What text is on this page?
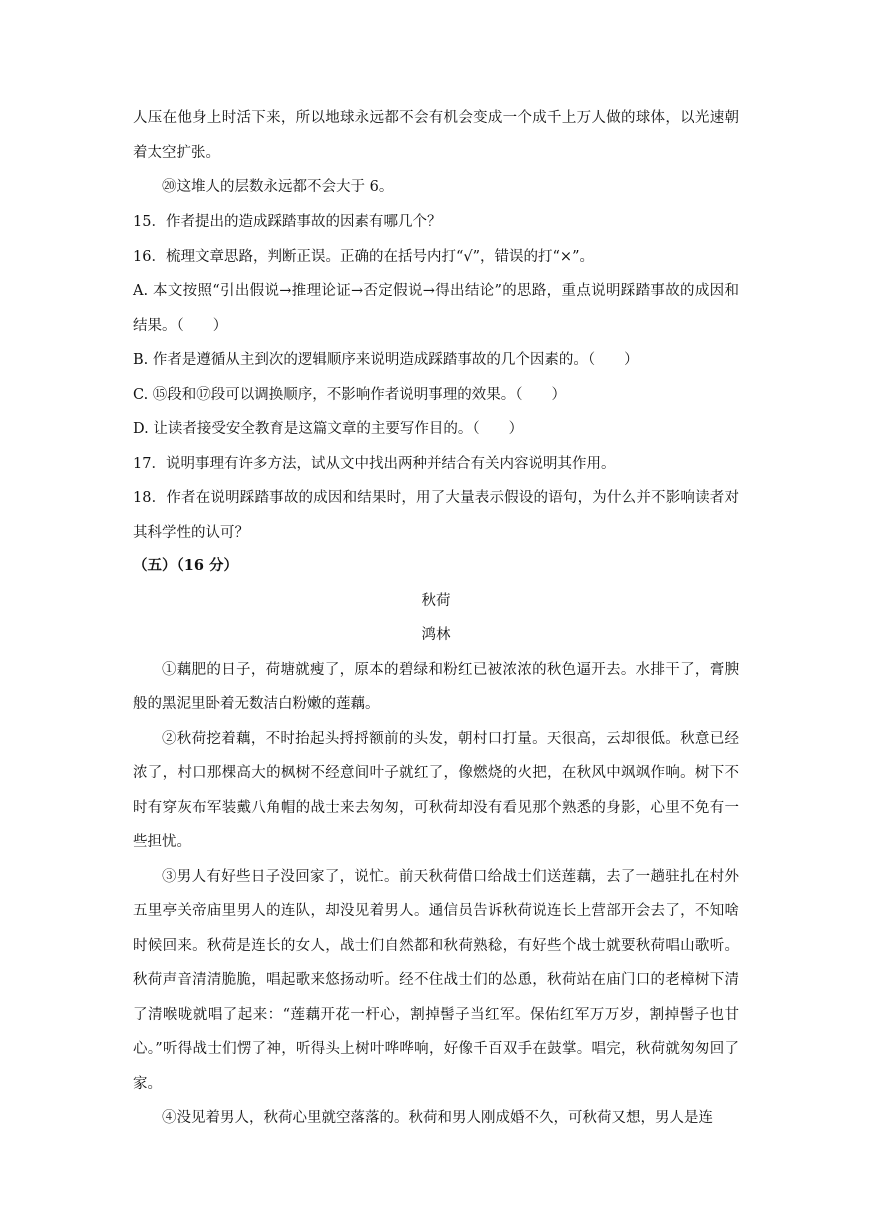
人压在他身上时活下来，所以地球永远都不会有机会变成一个成千上万人做的球体，以光速朝着太空扩张。

⑳这堆人的层数永远都不会大于 6。

15．作者提出的造成踩踏事故的因素有哪几个？

16．梳理文章思路，判断正误。正确的在括号内打“√”，错误的打“×”。

A. 本文按照“引出假说→推理论证→否定假说→得出结论”的思路，重点说明踩踏事故的成因和结果。（　　）

B. 作者是遵循从主到次的逻辑顺序来说明造成踩踏事故的几个因素的。（　　）

C. ⑮段和⑰段可以调换顺序，不影响作者说明事理的效果。（　　）

D. 让读者接受安全教育是这篇文章的主要写作目的。（　　）

17．说明事理有许多方法，试从文中找出两种并结合有关内容说明其作用。

18．作者在说明踩踏事故的成因和结果时，用了大量表示假设的语句，为什么并不影响读者对其科学性的认可？

（五）（16 分）

秋荷

鸿林

①藕肥的日子，荷塘就瘦了，原本的碧绿和粉红已被浓浓的秋色逼开去。水排干了，膏腴般的黑泥里卧着无数洁白粉嫩的莲藕。

②秋荷挖着藕，不时抬起头捋捋额前的头发，朝村口打量。天很高，云却很低。秋意已经浓了，村口那棵高大的枫树不经意间叶子就红了，像燃烧的火把，在秋风中飒飒作响。树下不时有穿灰布军装戴八角帽的战士来去匆匆，可秋荷却没有看见那个熟悉的身影，心里不免有一些担忧。

③男人有好些日子没回家了，说忙。前天秋荷借口给战士们送莲藕，去了一趟驻扎在村外五里亭关帝庙里男人的连队，却没见着男人。通信员告诉秋荷说连长上营部开会去了，不知啥时候回来。秋荷是连长的女人，战士们自然都和秋荷熟稔，有好些个战士就要秋荷唱山歌听。秋荷声音清清脆脆，唱起歌来悠扬动听。经不住战士们的怂恿，秋荷站在庙门口的老樟树下清了清喉咙就唱了起来：“莲藕开花一杆心，割掉髻子当红军。保佑红军万万岁，割掉髻子也甘心。”听得战士们愣了神，听得头上树叶哗哗响，好像千百双手在鼓掌。唱完，秋荷就匆匆回了家。

④没见着男人，秋荷心里就空落落的。秋荷和男人刚成婚不久，可秋荷又想，男人是连
